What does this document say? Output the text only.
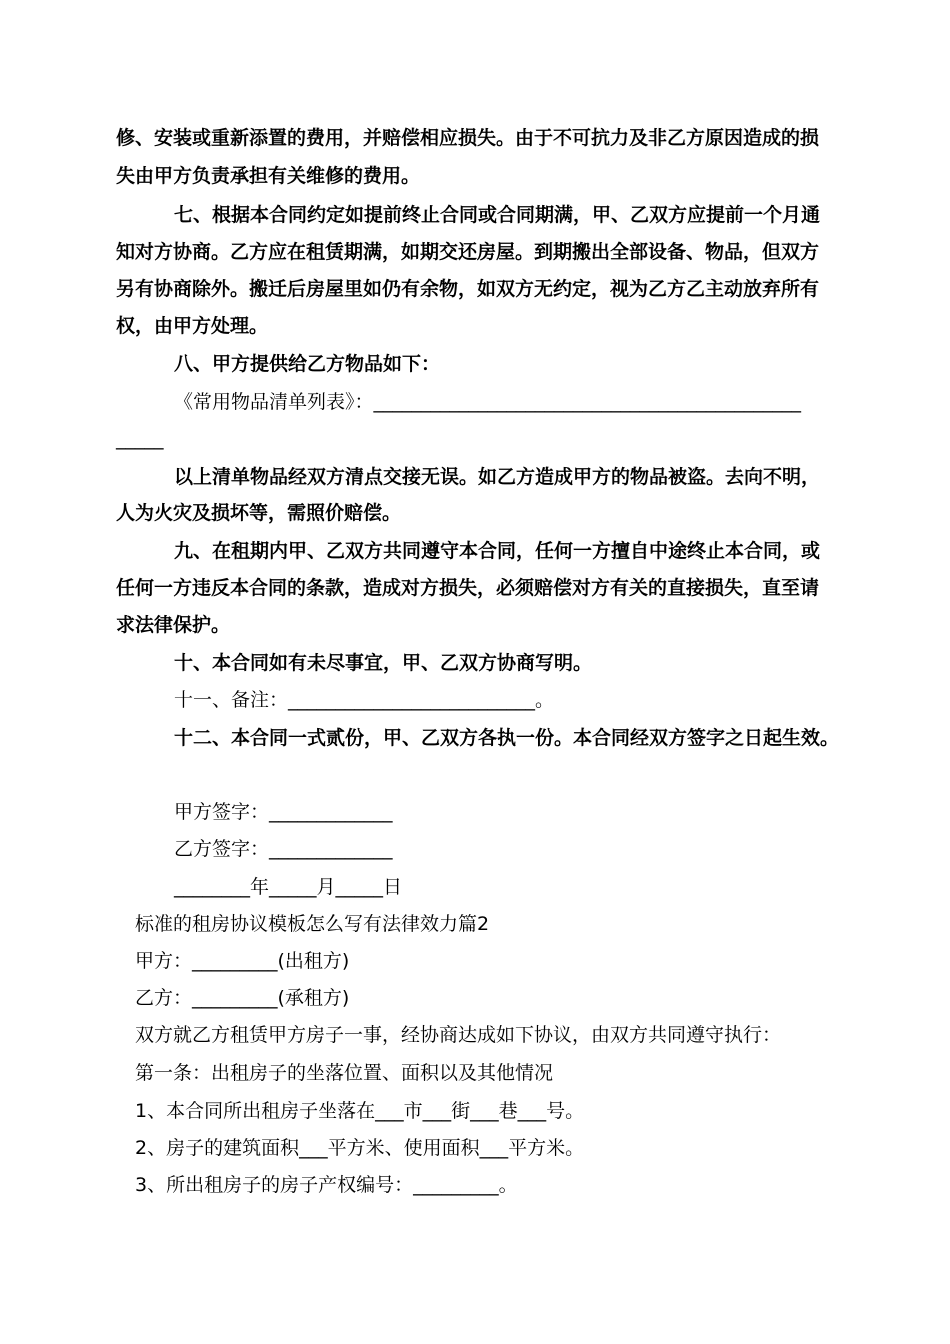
修、安装或重新添置的费用，并赔偿相应损失。由于不可抗力及非乙方原因造成的损
失由甲方负责承担有关维修的费用。
七、根据本合同约定如提前终止合同或合同期满，甲、乙双方应提前一个月通
知对方协商。乙方应在租赁期满，如期交还房屋。到期搬出全部设备、物品，但双方
另有协商除外。搬迁后房屋里如仍有余物，如双方无约定，视为乙方乙主动放弃所有
权，由甲方处理。
八、甲方提供给乙方物品如下：
《常用物品清单列表》：_____________________________________________
_____
以上清单物品经双方清点交接无误。如乙方造成甲方的物品被盗。去向不明，
人为火灾及损坏等，需照价赔偿。
九、在租期内甲、乙双方共同遵守本合同，任何一方擅自中途终止本合同，或
任何一方违反本合同的条款，造成对方损失，必须赔偿对方有关的直接损失，直至请
求法律保护。
十、本合同如有未尽事宜，甲、乙双方协商写明。
十一、备注：__________________________。
十二、本合同一式贰份，甲、乙双方各执一份。本合同经双方签字之日起生效。
甲方签字：_____________
乙方签字：_____________
________年_____月_____日
标准的租房协议模板怎么写有法律效力篇2
甲方：_________(出租方)
乙方：_________(承租方)
双方就乙方租赁甲方房子一事，经协商达成如下协议，由双方共同遵守执行：
第一条：出租房子的坐落位置、面积以及其他情况
1、本合同所出租房子坐落在___市___街___巷___号。
2、房子的建筑面积___平方米、使用面积___平方米。
3、所出租房子的房子产权编号：_________。
